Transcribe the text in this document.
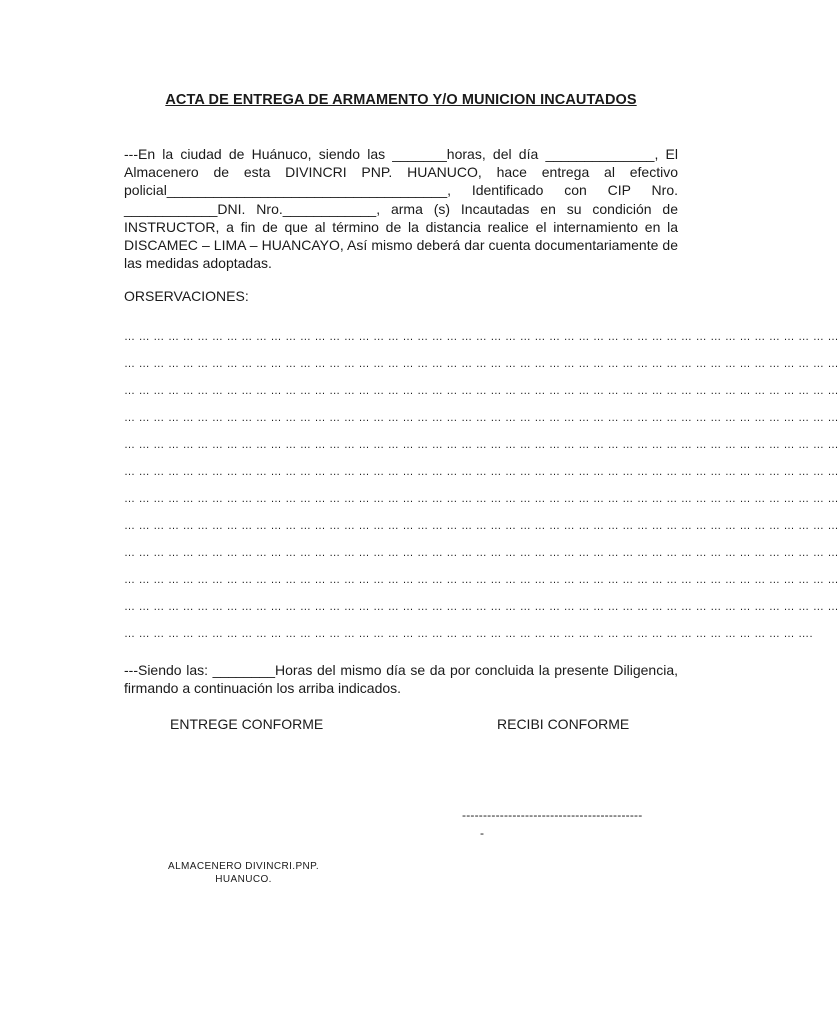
ACTA DE ENTREGA DE ARMAMENTO Y/O MUNICION INCAUTADOS
---En la ciudad de Huánuco, siendo las _______horas, del día ______________, El Almacenero de esta DIVINCRI PNP. HUANUCO, hace entrega al efectivo policial____________________________________, Identificado con CIP Nro. ____________DNI. Nro.____________, arma (s) Incautadas en su condición de INSTRUCTOR, a fin de que al término de la distancia realice el internamiento en la DISCAMEC – LIMA – HUANCAYO, Así mismo deberá dar cuenta documentariamente de las medidas adoptadas.
ORSERVACIONES:
… … … … … … … … … … … … … … … … … … … … … … … … … … … … … … … … … … … … … … … … … … … … … … … … …
… … … … … … … … … … … … … … … … … … … … … … … … … … … … … … … … … … … … … … … … … … … … … … … … …
… … … … … … … … … … … … … … … … … … … … … … … … … … … … … … … … … … … … … … … … … … … … … … … … …
… … … … … … … … … … … … … … … … … … … … … … … … … … … … … … … … … … … … … … … … … … … … … … … … …
… … … … … … … … … … … … … … … … … … … … … … … … … … … … … … … … … … … … … … … … … … … … … … … … …
… … … … … … … … … … … … … … … … … … … … … … … … … … … … … … … … … … … … … … … … … … … … … … … … …
… … … … … … … … … … … … … … … … … … … … … … … … … … … … … … … … … … … … … … … … … … … … … … … … …
… … … … … … … … … … … … … … … … … … … … … … … … … … … … … … … … … … … … … … … … … … … … … … … … …
… … … … … … … … … … … … … … … … … … … … … … … … … … … … … … … … … … … … … … … … … … … … … … … … …
… … … … … … … … … … … … … … … … … … … … … … … … … … … … … … … … … … … … … … … … … … … … … … … … …
… … … … … … … … … … … … … … … … … … … … … … … … … … … … … … … … … … … … … … … … … … … … … … … … …
… … … … … … … … … … … … … … … … … … … … … … … … … … … … … … … … … … … … … … … … … … … … … … ….
---Siendo las: ________Horas del mismo día se da por concluida la presente Diligencia, firmando a continuación los arriba indicados.
ENTREGE CONFORME	RECIBI CONFORME
-------------------------------------------
-
ALMACENERO DIVINCRI.PNP.
HUANUCO.
